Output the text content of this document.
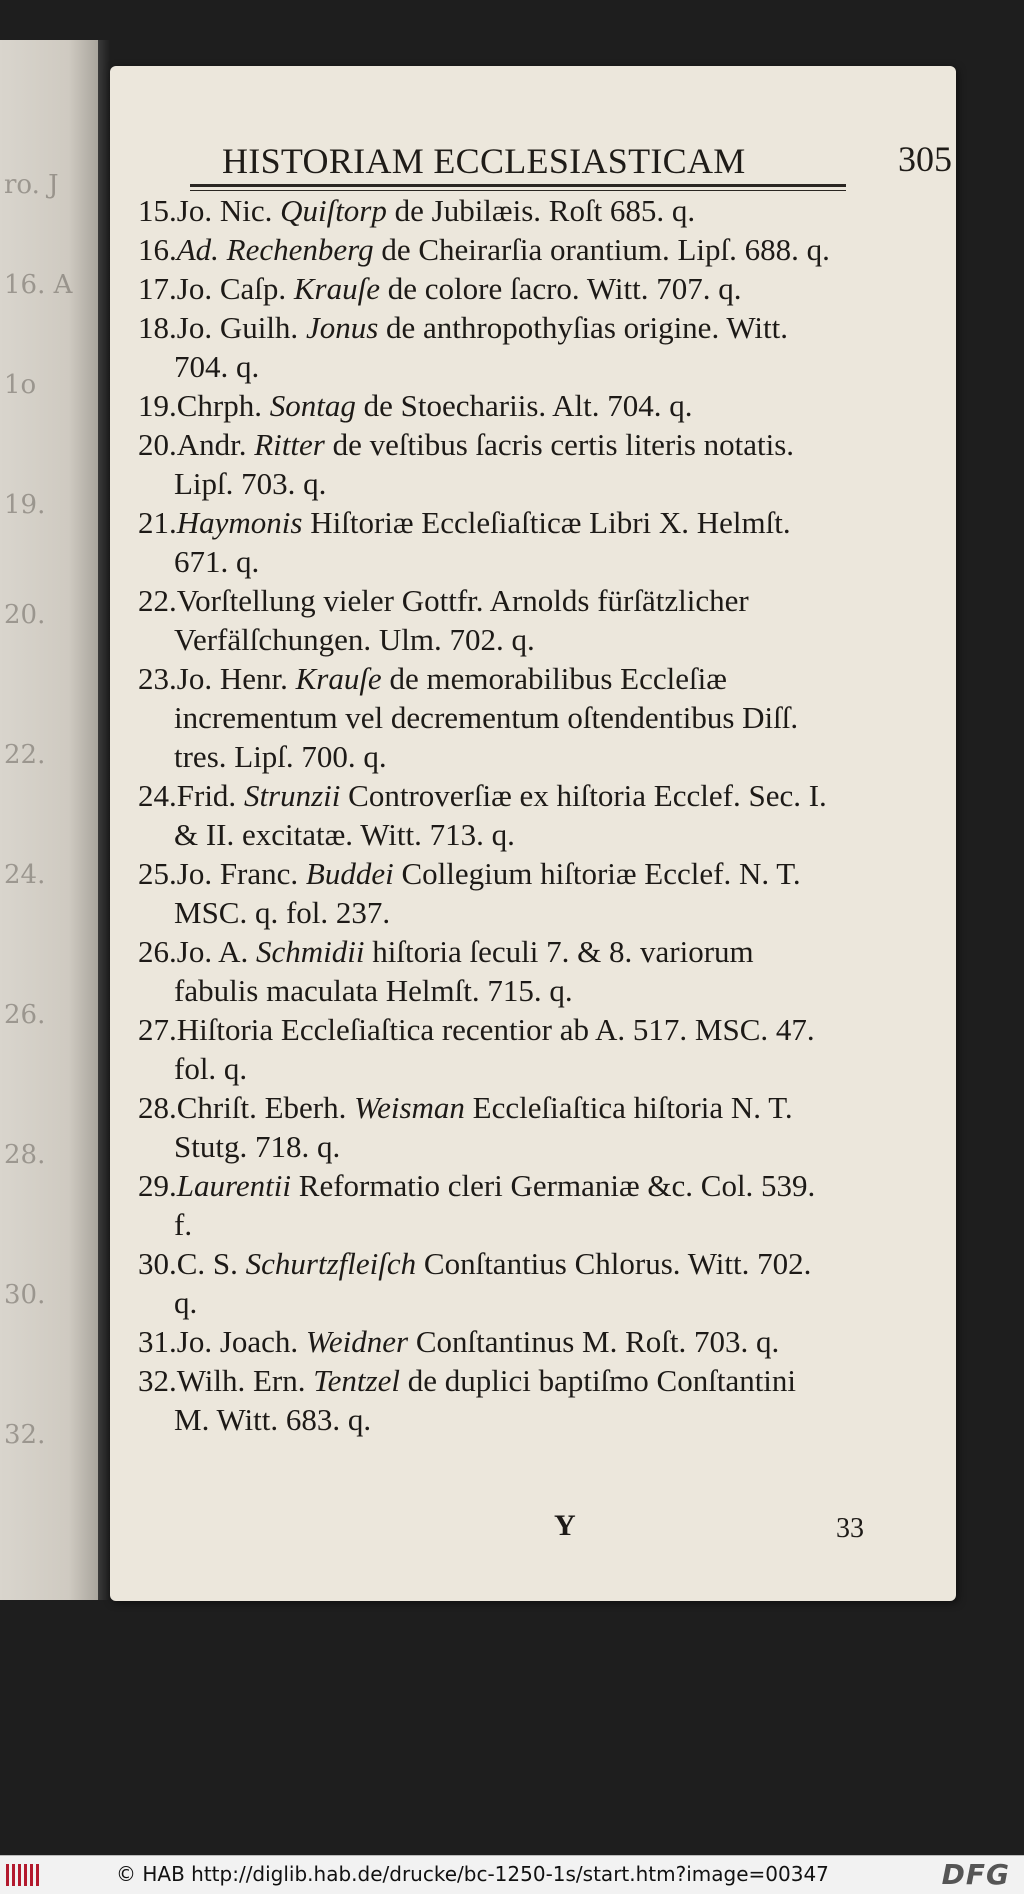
ro. J
16. A
1o
19.
20.
22.
24.
26.
28.
30.
32.
HISTORIAM ECCLESIASTICAM	305
15.Jo. Nic. Quiſtorp de Jubilæis. Roſt 685. q.
16.Ad. Rechenberg de Cheirarſia orantium. Lipſ. 688. q.
17.Jo. Caſp. Krauſe de colore ſacro. Witt. 707. q.
18.Jo. Guilh. Jonus de anthropothyſias origine. Witt. 704. q.
19.Chrph. Sontag de Stoechariis. Alt. 704. q.
20.Andr. Ritter de veſtibus ſacris certis literis notatis. Lipſ. 703. q.
21.Haymonis Hiſtoriæ Eccleſiaſticæ Libri X. Helmſt. 671. q.
22.Vorſtellung vieler Gottfr. Arnolds fürſätzlicher Verfälſchungen. Ulm. 702. q.
23.Jo. Henr. Krauſe de memorabilibus Eccleſiæ incrementum vel decrementum oſtendentibus Diſſ. tres. Lipſ. 700. q.
24.Frid. Strunzii Controverſiæ ex hiſtoria Ecclef. Sec. I. & II. excitatæ. Witt. 713. q.
25.Jo. Franc. Buddei Collegium hiſtoriæ Ecclef. N. T. MSC. q. fol. 237.
26.Jo. A. Schmidii hiſtoria ſeculi 7. & 8. variorum fabulis maculata Helmſt. 715. q.
27.Hiſtoria Eccleſiaſtica recentior ab A. 517. MSC. 47. fol. q.
28.Chriſt. Eberh. Weisman Eccleſiaſtica hiſtoria N. T. Stutg. 718. q.
29.Laurentii Reformatio cleri Germaniæ &c. Col. 539. f.
30.C. S. Schurtzfleiſch Conſtantius Chlorus. Witt. 702. q.
31.Jo. Joach. Weidner Conſtantinus M. Roſt. 703. q.
32.Wilh. Ern. Tentzel de duplici baptiſmo Conſtantini M. Witt. 683. q.
Y	33
© HAB http://diglib.hab.de/drucke/bc-1250-1s/start.htm?image=00347	DFG
